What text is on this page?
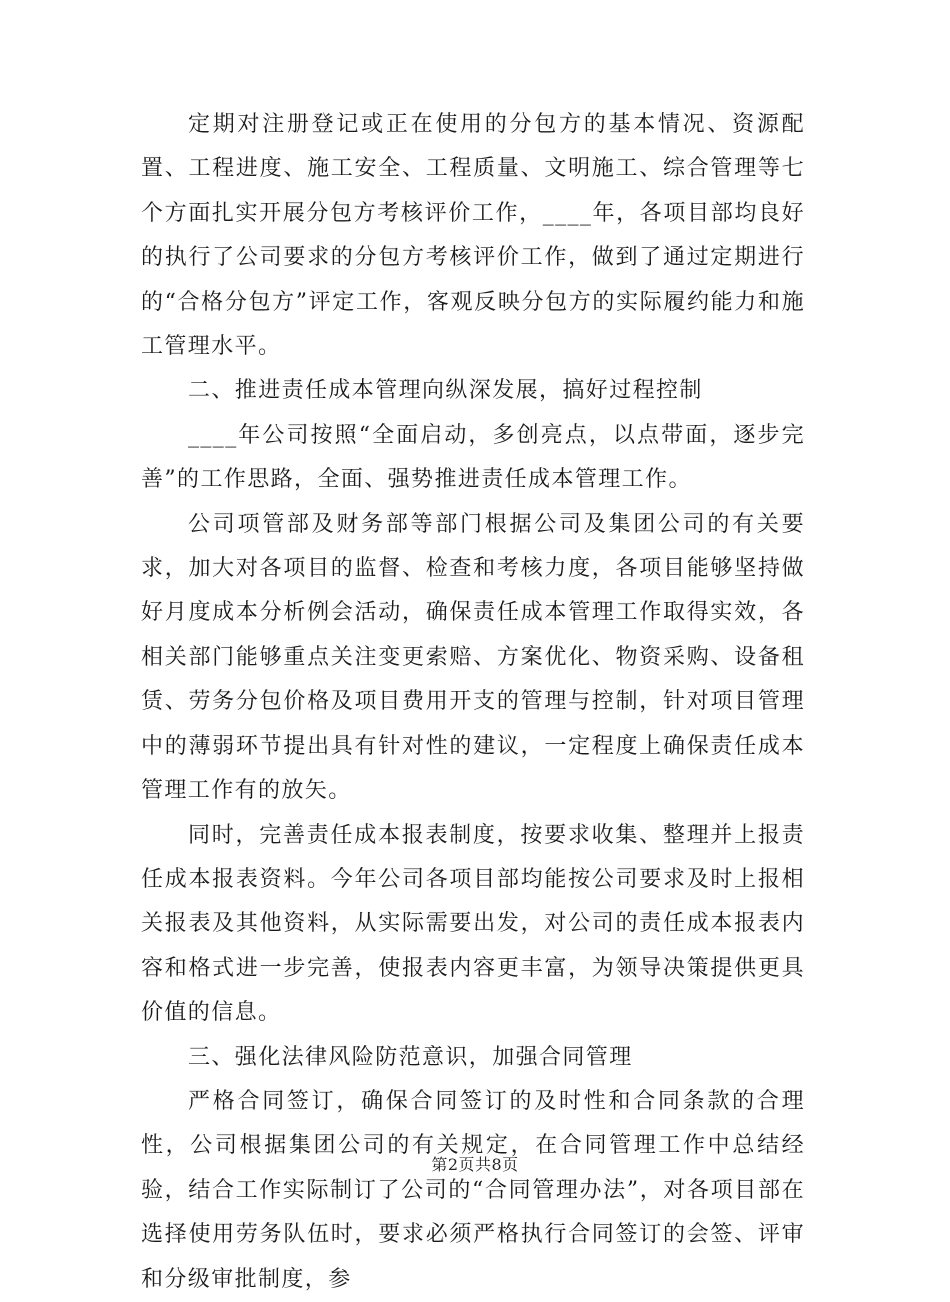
定期对注册登记或正在使用的分包方的基本情况、资源配置、工程进度、施工安全、工程质量、文明施工、综合管理等七个方面扎实开展分包方考核评价工作，____年，各项目部均良好的执行了公司要求的分包方考核评价工作，做到了通过定期进行的“合格分包方”评定工作，客观反映分包方的实际履约能力和施工管理水平。

二、推进责任成本管理向纵深发展，搞好过程控制

____年公司按照“全面启动，多创亮点，以点带面，逐步完善”的工作思路，全面、强势推进责任成本管理工作。

公司项管部及财务部等部门根据公司及集团公司的有关要求，加大对各项目的监督、检查和考核力度，各项目能够坚持做好月度成本分析例会活动，确保责任成本管理工作取得实效，各相关部门能够重点关注变更索赔、方案优化、物资采购、设备租赁、劳务分包价格及项目费用开支的管理与控制，针对项目管理中的薄弱环节提出具有针对性的建议，一定程度上确保责任成本管理工作有的放矢。

同时，完善责任成本报表制度，按要求收集、整理并上报责任成本报表资料。今年公司各项目部均能按公司要求及时上报相关报表及其他资料，从实际需要出发，对公司的责任成本报表内容和格式进一步完善，使报表内容更丰富，为领导决策提供更具价值的信息。

三、强化法律风险防范意识，加强合同管理

严格合同签订，确保合同签订的及时性和合同条款的合理性，公司根据集团公司的有关规定，在合同管理工作中总结经验，结合工作实际制订了公司的“合同管理办法”，对各项目部在选择使用劳务队伍时，要求必须严格执行合同签订的会签、评审和分级审批制度，参

第2页共8页
